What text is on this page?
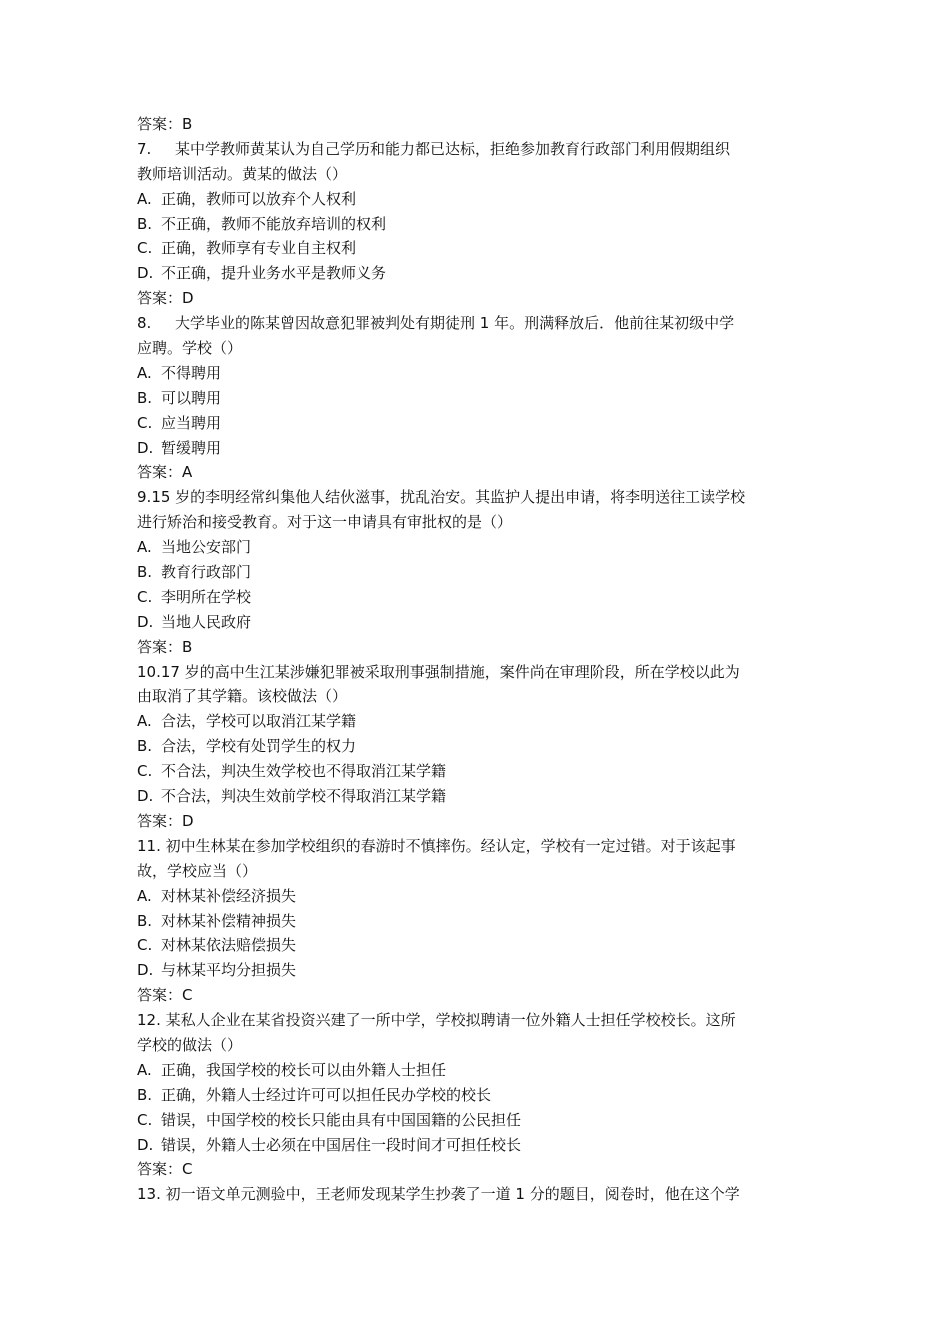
答案：B
7. 某中学教师黄某认为自己学历和能力都已达标，拒绝参加教育行政部门利用假期组织
教师培训活动。黄某的做法（）
A. 正确，教师可以放弃个人权利
B. 不正确，教师不能放弃培训的权利
C. 正确，教师享有专业自主权利
D. 不正确，提升业务水平是教师义务
答案：D
8. 大学毕业的陈某曾因故意犯罪被判处有期徒刑 1 年。刑满释放后．他前往某初级中学
应聘。学校（）
A. 不得聘用
B. 可以聘用
C. 应当聘用
D. 暂缓聘用
答案：A
9.15 岁的李明经常纠集他人结伙滋事，扰乱治安。其监护人提出申请，将李明送往工读学校
进行矫治和接受教育。对于这一申请具有审批权的是（）
A. 当地公安部门
B. 教育行政部门
C. 李明所在学校
D. 当地人民政府
答案：B
10.17 岁的高中生江某涉嫌犯罪被采取刑事强制措施，案件尚在审理阶段，所在学校以此为
由取消了其学籍。该校做法（）
A. 合法，学校可以取消江某学籍
B. 合法，学校有处罚学生的权力
C. 不合法，判决生效学校也不得取消江某学籍
D. 不合法，判决生效前学校不得取消江某学籍
答案：D
11. 初中生林某在参加学校组织的春游时不慎摔伤。经认定，学校有一定过错。对于该起事
故，学校应当（）
A. 对林某补偿经济损失
B. 对林某补偿精神损失
C. 对林某依法赔偿损失
D. 与林某平均分担损失
答案：C
12. 某私人企业在某省投资兴建了一所中学，学校拟聘请一位外籍人士担任学校校长。这所
学校的做法（）
A. 正确，我国学校的校长可以由外籍人士担任
B. 正确，外籍人士经过许可可以担任民办学校的校长
C. 错误，中国学校的校长只能由具有中国国籍的公民担任
D. 错误，外籍人士必须在中国居住一段时间才可担任校长
答案：C
13. 初一语文单元测验中，王老师发现某学生抄袭了一道 1 分的题目，阅卷时，他在这个学
